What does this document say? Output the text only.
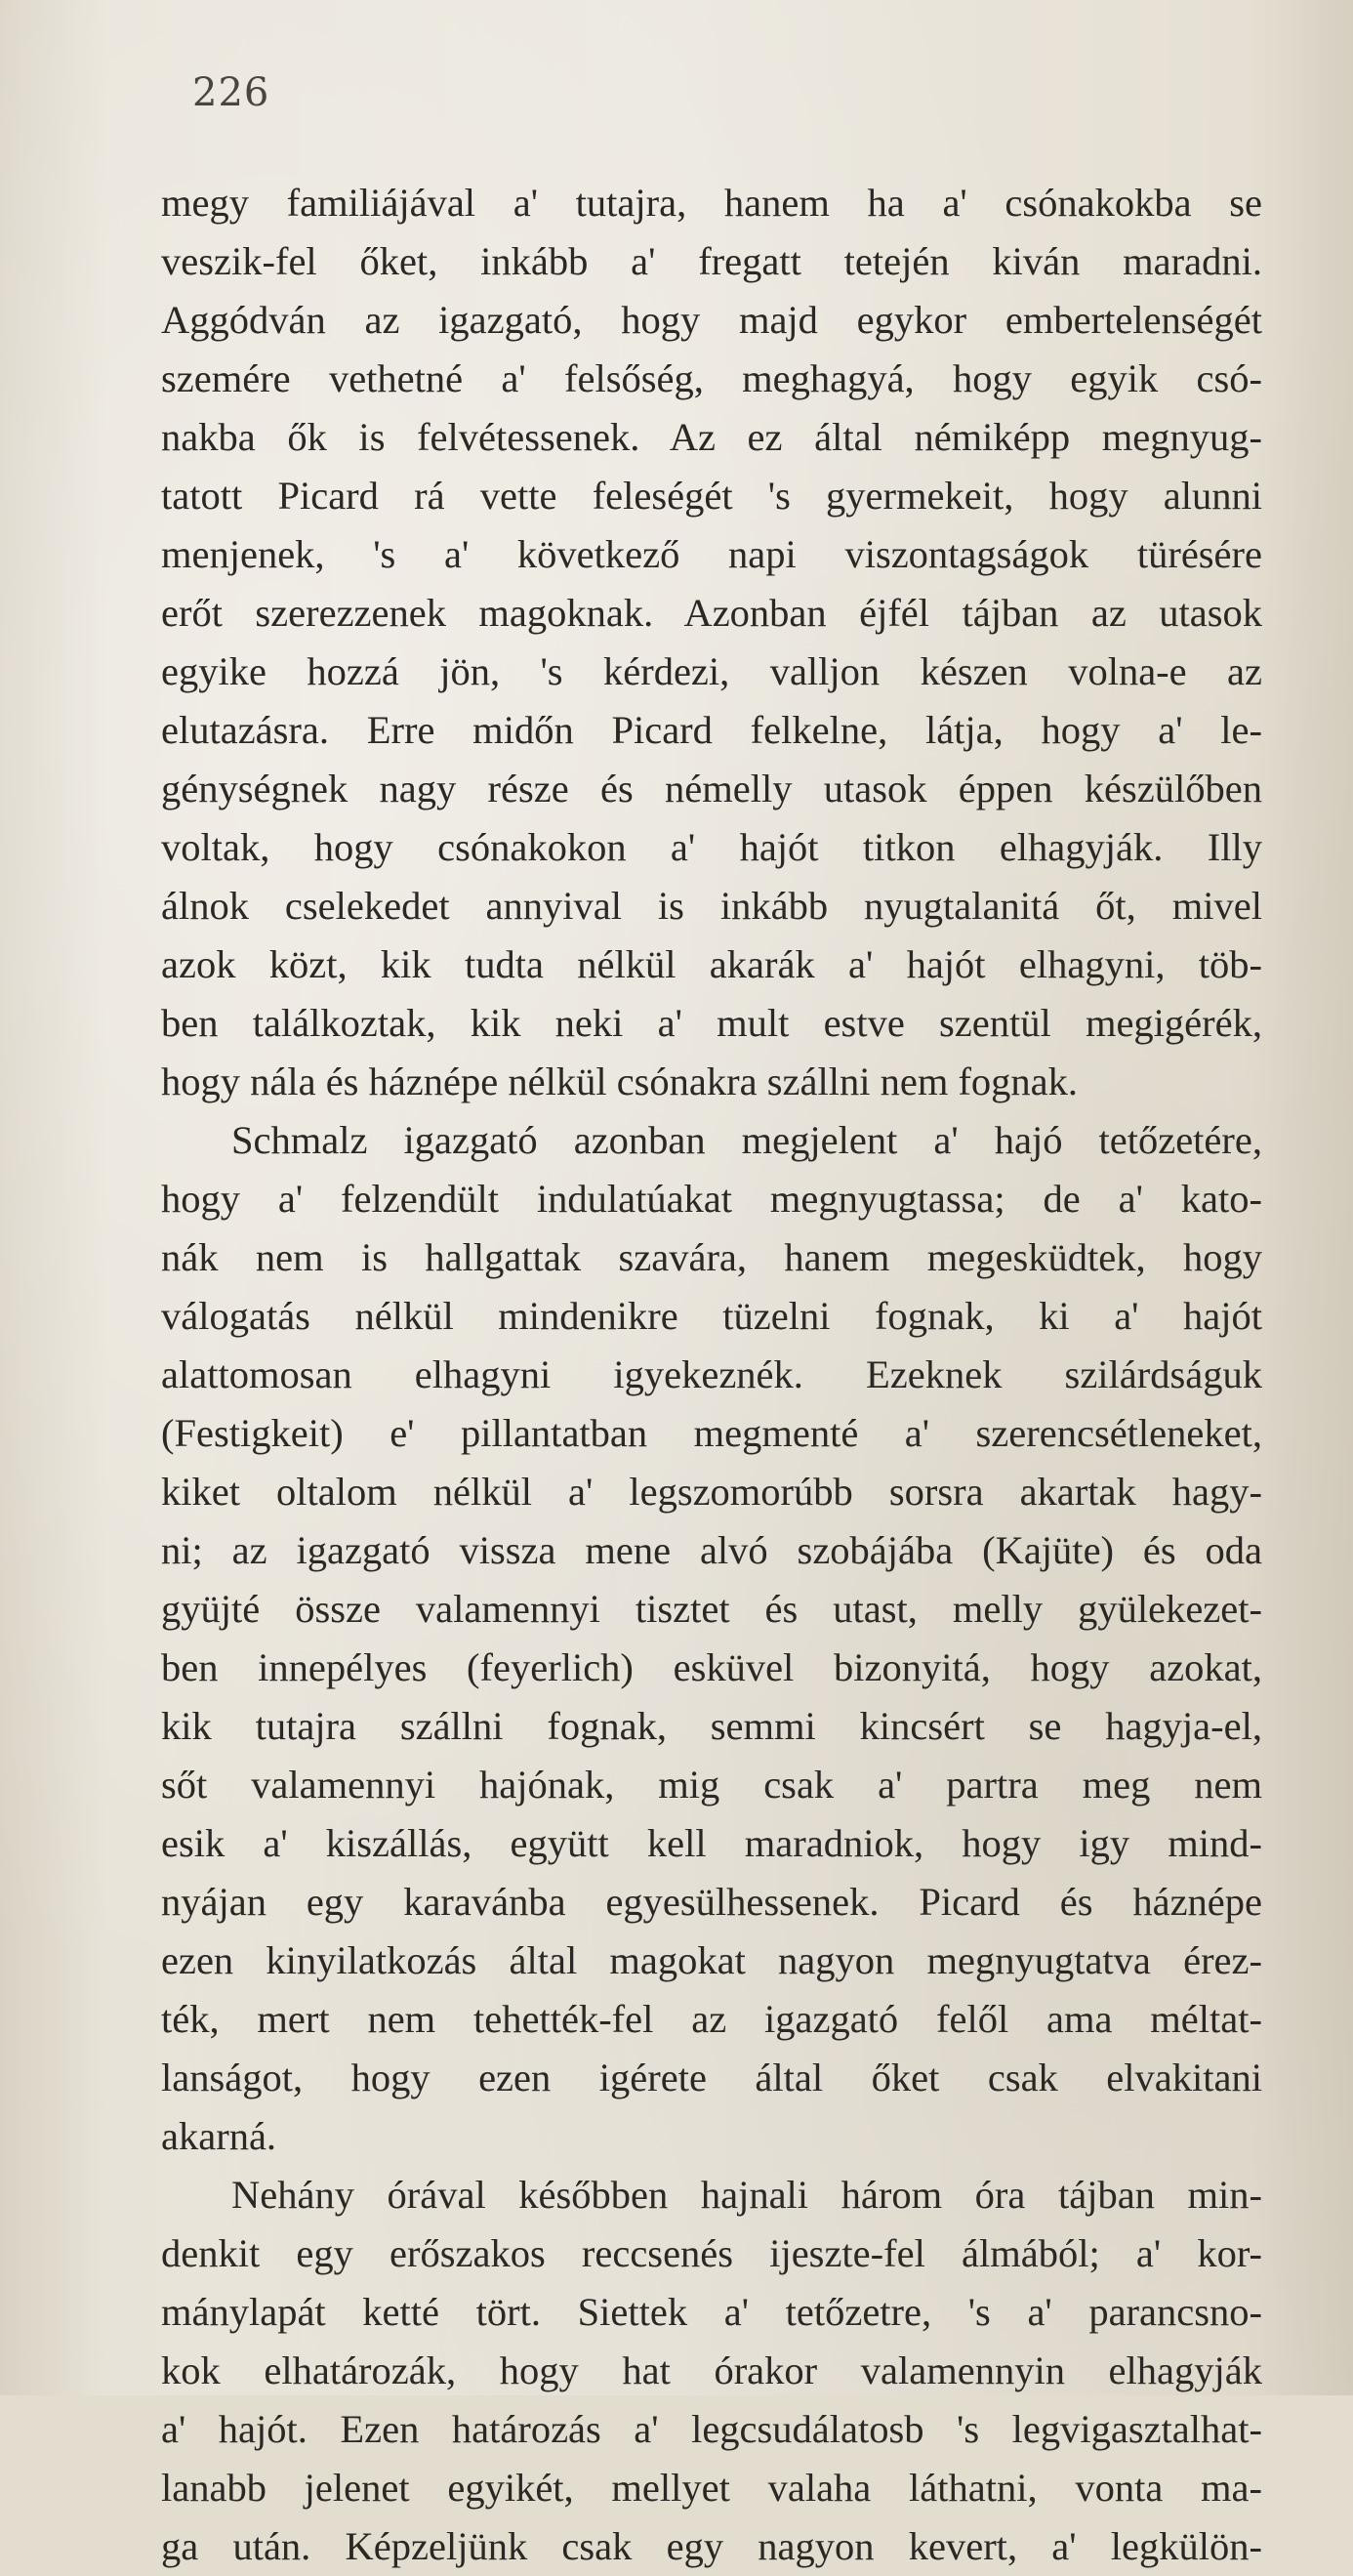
226
megy familiájával a' tutajra, hanem ha a' csónakokba se
veszik-fel őket, inkább a' fregatt tetején kiván maradni.
Aggódván az igazgató, hogy majd egykor embertelenségét
szemére vethetné a' felsőség, meghagyá, hogy egyik csó-
nakba ők is felvétessenek. Az ez által némiképp megnyug-
tatott Picard rá vette feleségét 's gyermekeit, hogy alunni
menjenek, 's a' következő napi viszontagságok türésére
erőt szerezzenek magoknak. Azonban éjfél tájban az utasok
egyike hozzá jön, 's kérdezi, valljon készen volna-e az
elutazásra. Erre midőn Picard felkelne, látja, hogy a' le-
génységnek nagy része és némelly utasok éppen készülőben
voltak, hogy csónakokon a' hajót titkon elhagyják. Illy
álnok cselekedet annyival is inkább nyugtalanitá őt, mivel
azok közt, kik tudta nélkül akarák a' hajót elhagyni, töb-
ben találkoztak, kik neki a' mult estve szentül megigérék,
hogy nála és háznépe nélkül csónakra szállni nem fognak.
Schmalz igazgató azonban megjelent a' hajó tetőzetére,
hogy a' felzendült indulatúakat megnyugtassa; de a' kato-
nák nem is hallgattak szavára, hanem megesküdtek, hogy
válogatás nélkül mindenikre tüzelni fognak, ki a' hajót
alattomosan elhagyni igyekeznék. Ezeknek szilárdságuk
(Festigkeit) e' pillantatban megmenté a' szerencsétleneket,
kiket oltalom nélkül a' legszomorúbb sorsra akartak hagy-
ni; az igazgató vissza mene alvó szobájába (Kajüte) és oda
gyüjté össze valamennyi tisztet és utast, melly gyülekezet-
ben innepélyes (feyerlich) esküvel bizonyitá, hogy azokat,
kik tutajra szállni fognak, semmi kincsért se hagyja-el,
sőt valamennyi hajónak, mig csak a' partra meg nem
esik a' kiszállás, együtt kell maradniok, hogy igy mind-
nyájan egy karavánba egyesülhessenek. Picard és háznépe
ezen kinyilatkozás által magokat nagyon megnyugtatva érez-
ték, mert nem tehették-fel az igazgató felől ama méltat-
lanságot, hogy ezen igérete által őket csak elvakitani
akarná.
Nehány órával későbben hajnali három óra tájban min-
denkit egy erőszakos reccsenés ijeszte-fel álmából; a' kor-
mánylapát ketté tört. Siettek a' tetőzetre, 's a' parancsno-
kok elhatározák, hogy hat órakor valamennyin elhagyják
a' hajót. Ezen határozás a' legcsudálatosb 's legvigasztalhat-
lanabb jelenet egyikét, mellyet valaha láthatni, vonta ma-
ga után. Képzeljünk csak egy nagyon kevert, a' legkülön-
